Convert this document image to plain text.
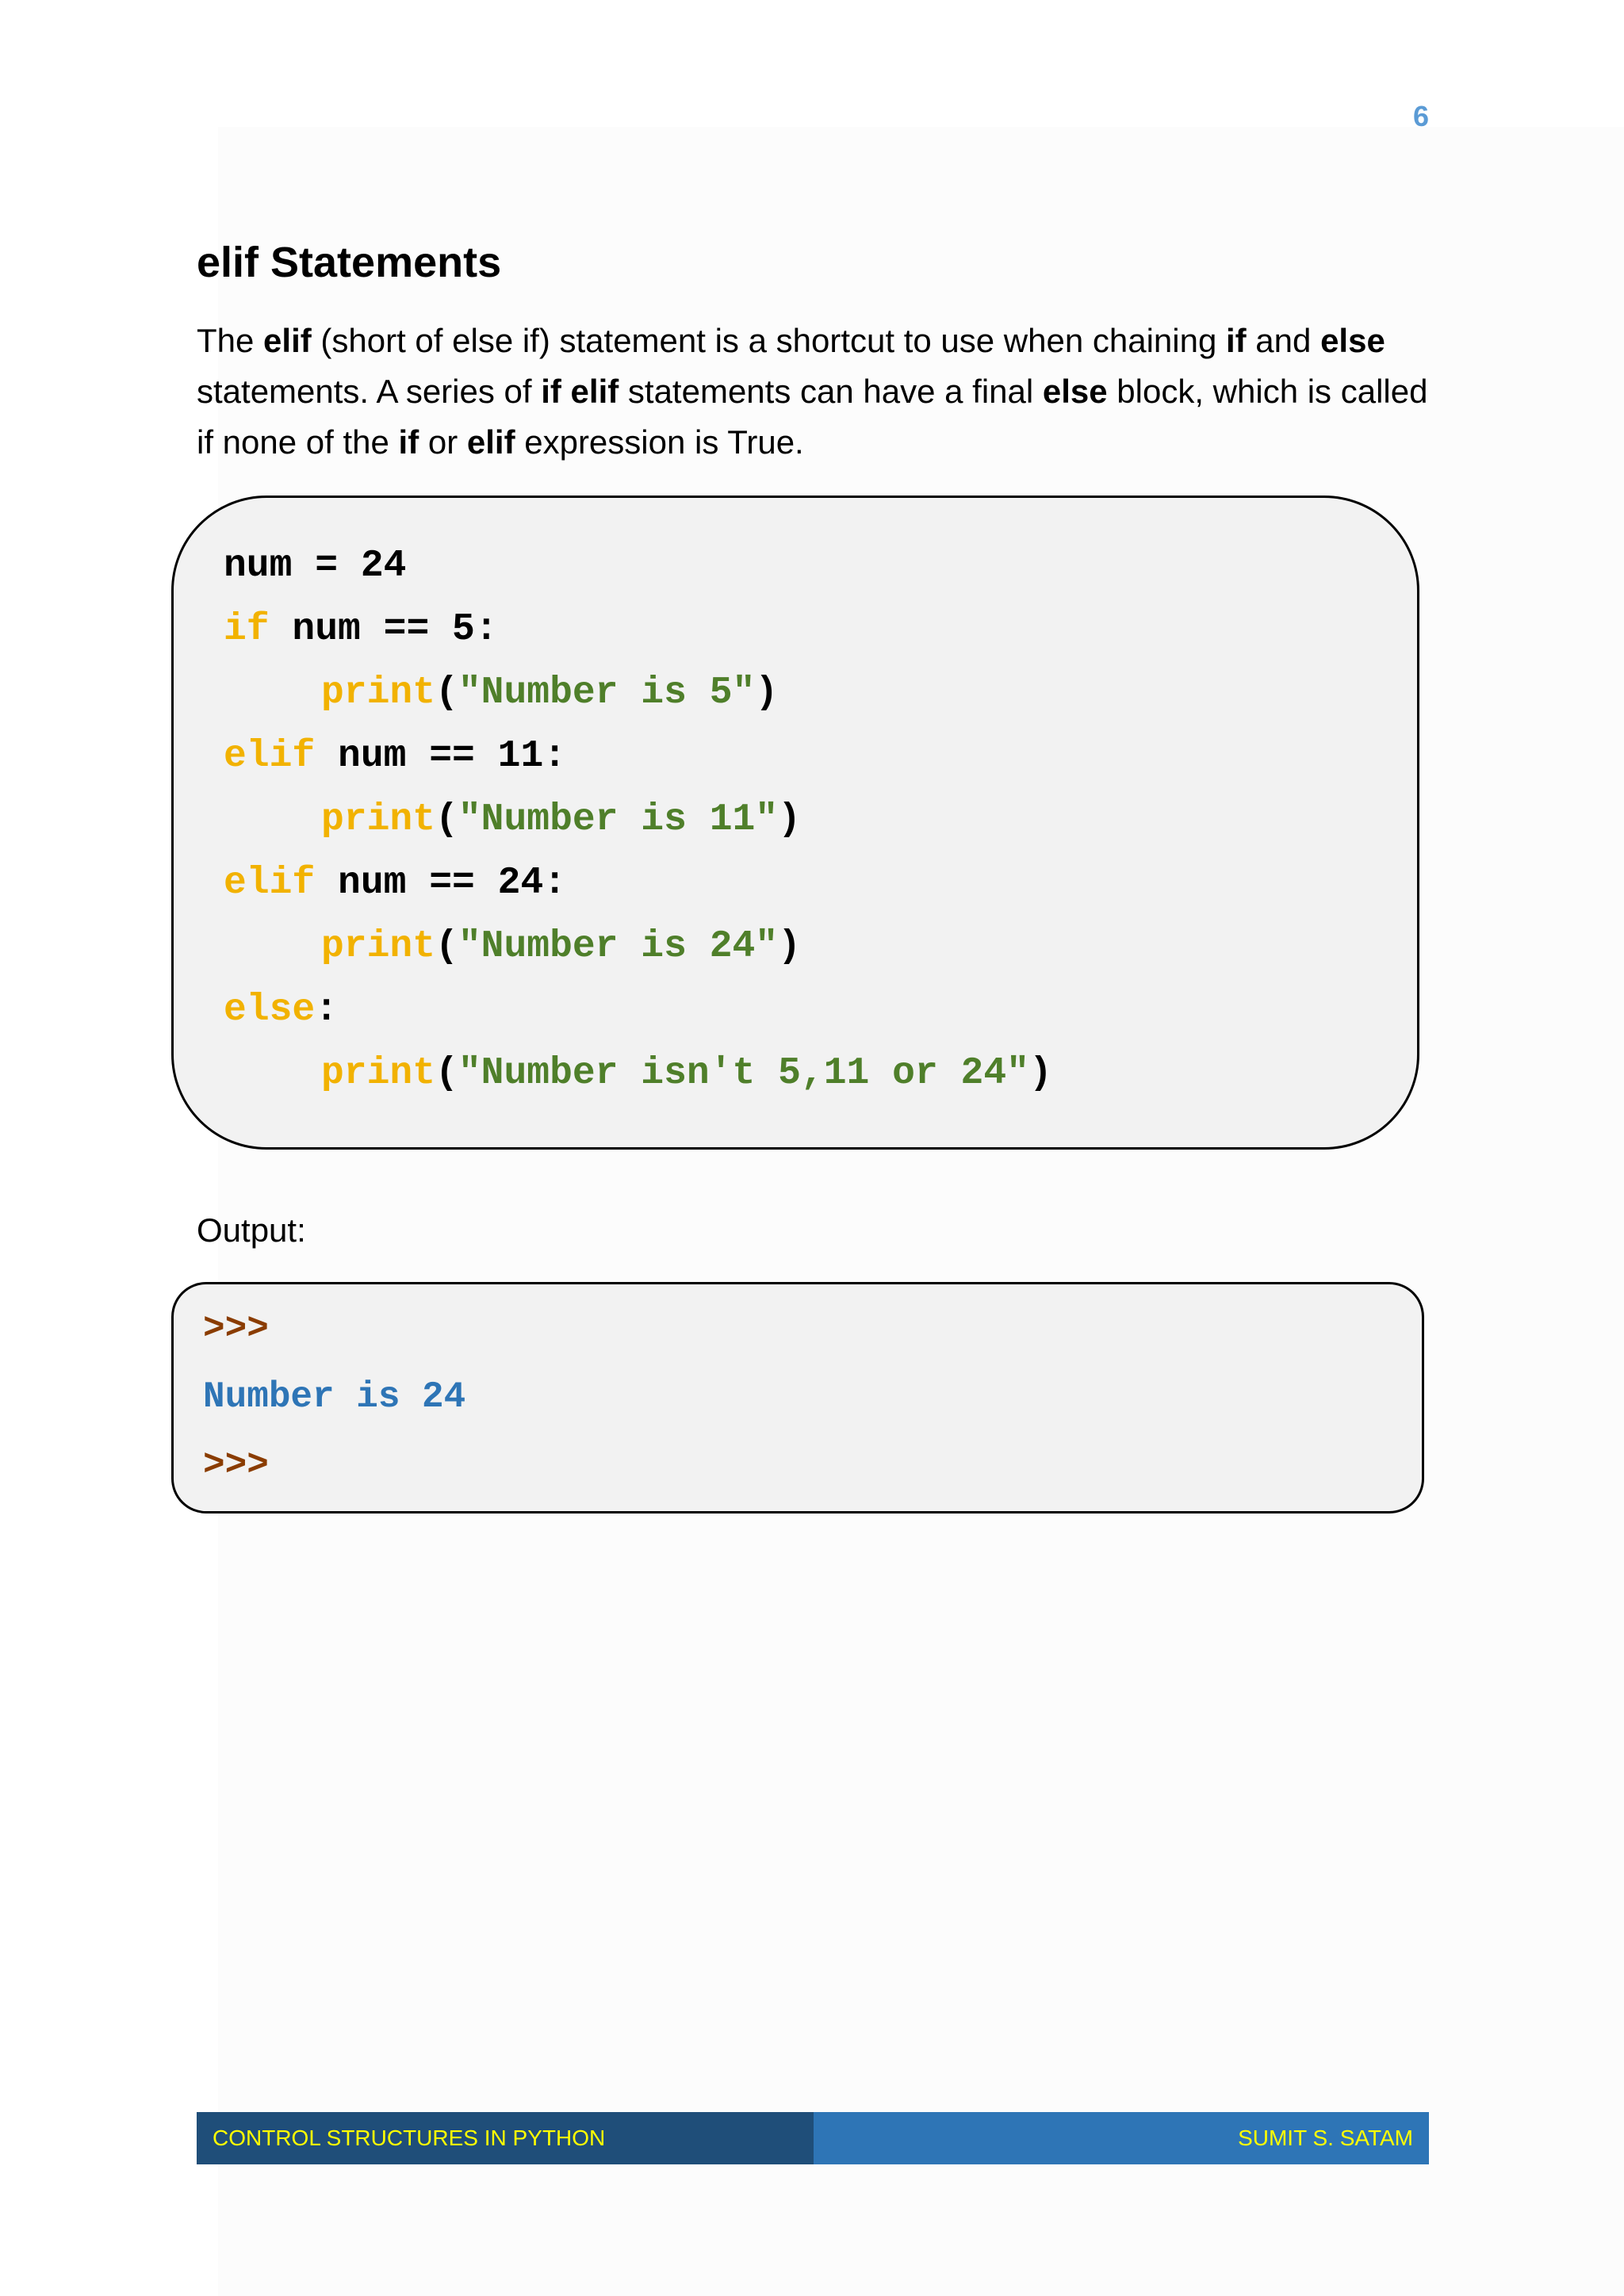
6
elif Statements

The elif (short of else if) statement is a shortcut to use when chaining if and else statements. A series of if elif statements can have a final else block, which is called if none of the if or elif expression is True.

num = 24
if num == 5:
print("Number is 5")
elif num == 11:
print("Number is 11")
elif num == 24:
print("Number is 24")
else:
print("Number isn't 5,11 or 24")
Output:
>>>
Number is 24
>>>
CONTROL STRUCTURES IN PYTHON	SUMIT S. SATAM
